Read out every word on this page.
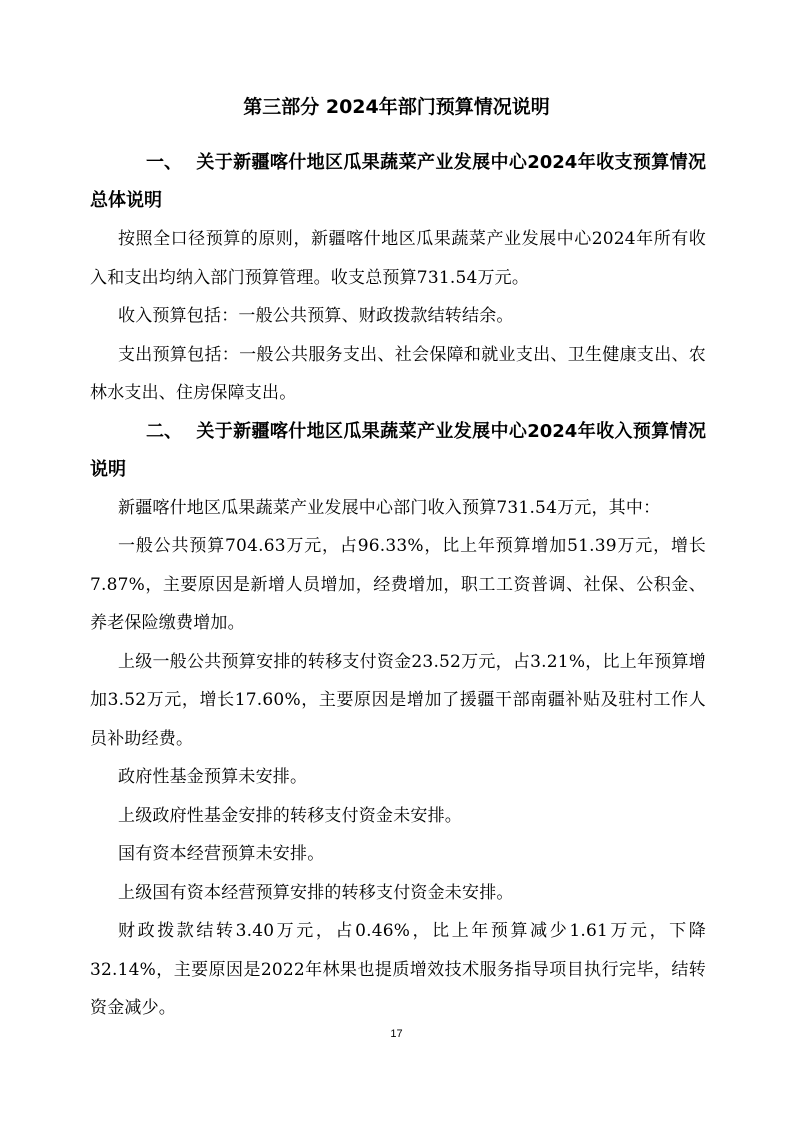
第三部分 2024年部门预算情况说明

一、 关于新疆喀什地区瓜果蔬菜产业发展中心2024年收支预算情况总体说明

按照全口径预算的原则，新疆喀什地区瓜果蔬菜产业发展中心2024年所有收入和支出均纳入部门预算管理。收支总预算731.54万元。

收入预算包括：一般公共预算、财政拨款结转结余。

支出预算包括：一般公共服务支出、社会保障和就业支出、卫生健康支出、农林水支出、住房保障支出。

二、 关于新疆喀什地区瓜果蔬菜产业发展中心2024年收入预算情况说明

新疆喀什地区瓜果蔬菜产业发展中心部门收入预算731.54万元，其中：

一般公共预算704.63万元，占96.33%，比上年预算增加51.39万元，增长7.87%，主要原因是新增人员增加，经费增加，职工工资普调、社保、公积金、养老保险缴费增加。

上级一般公共预算安排的转移支付资金23.52万元，占3.21%，比上年预算增加3.52万元，增长17.60%，主要原因是增加了援疆干部南疆补贴及驻村工作人员补助经费。

政府性基金预算未安排。

上级政府性基金安排的转移支付资金未安排。

国有资本经营预算未安排。

上级国有资本经营预算安排的转移支付资金未安排。

财政拨款结转3.40万元，占0.46%，比上年预算减少1.61万元，下降32.14%，主要原因是2022年林果也提质增效技术服务指导项目执行完毕，结转资金减少。

17
